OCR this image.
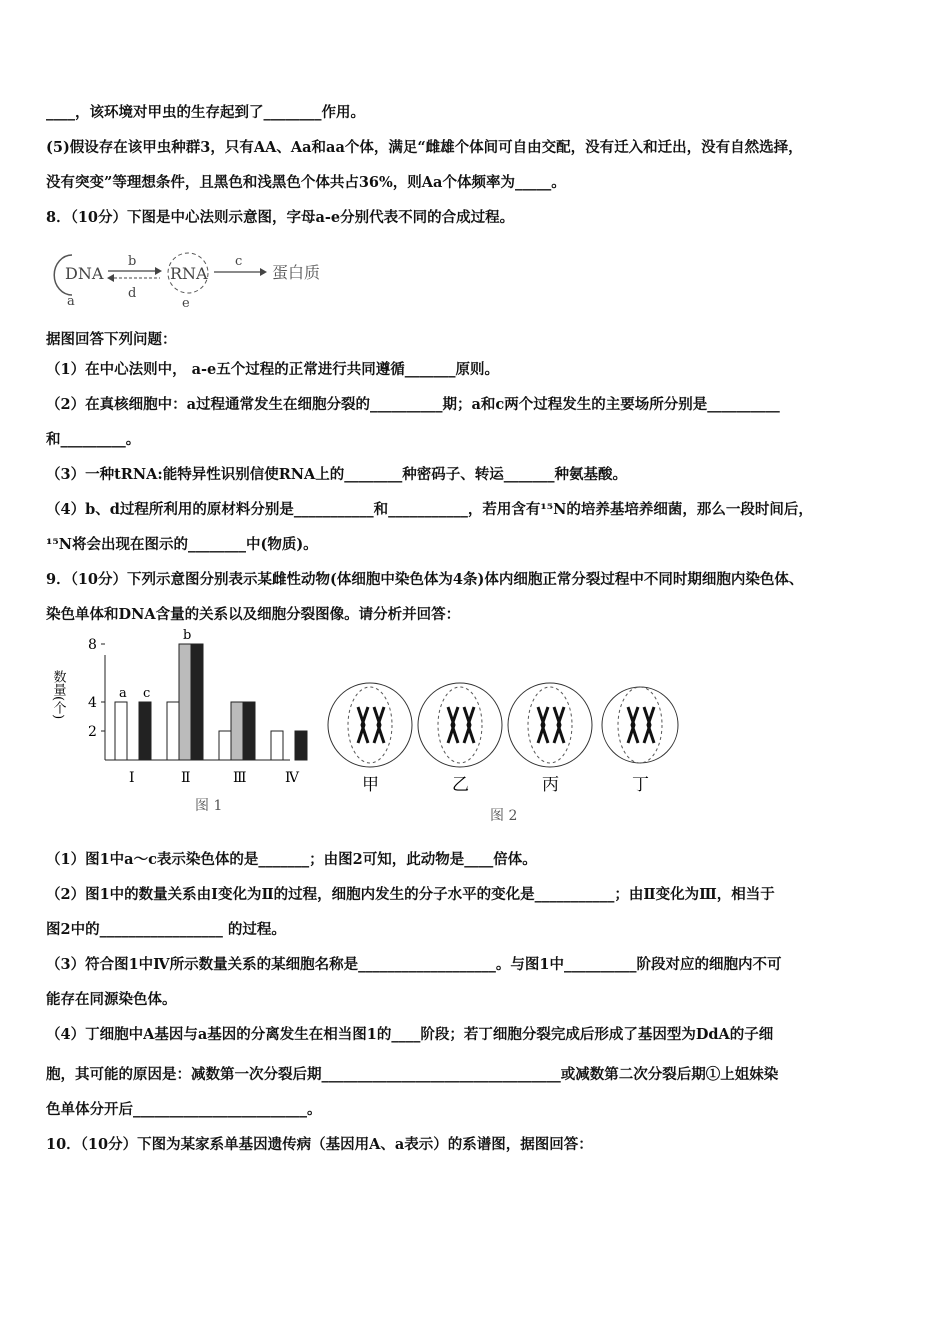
____，该环境对甲虫的生存起到了________作用。
(5)假设存在该甲虫种群3，只有AA、Aa和aa个体，满足“雌雄个体间可自由交配，没有迁入和迁出，没有自然选择，
没有突变”等理想条件，且黑色和浅黑色个体共占36%，则Aa个体频率为_____。
8．（10分）下图是中心法则示意图，字母a-e分别代表不同的合成过程。
据图回答下列问题：
（1）在中心法则中， a-e五个过程的正常进行共同遵循_______原则。
（2）在真核细胞中：a过程通常发生在细胞分裂的__________期；a和c两个过程发生的主要场所分别是__________
和_________。
（3）一种tRNA:能特异性识别信使RNA上的________种密码子、转运_______种氨基酸。
（4）b、d过程所利用的原材料分别是___________和___________，若用含有¹⁵N的培养基培养细菌，那么一段时间后，
¹⁵N将会出现在图示的________中(物质)。
9．（10分）下列示意图分别表示某雌性动物(体细胞中染色体为4条)体内细胞正常分裂过程中不同时期细胞内染色体、
染色单体和DNA含量的关系以及细胞分裂图像。请分析并回答：
（1）图1中a～c表示染色体的是_______；由图2可知，此动物是____倍体。
（2）图1中的数量关系由Ⅰ变化为Ⅱ的过程，细胞内发生的分子水平的变化是___________；由Ⅱ变化为Ⅲ，相当于
图2中的_________________ 的过程。
（3）符合图1中Ⅳ所示数量关系的某细胞名称是___________________。与图1中__________阶段对应的细胞内不可
能存在同源染色体。
（4）丁细胞中A基因与a基因的分离发生在相当图1的____阶段；若丁细胞分裂完成后形成了基因型为DdA的子细
胞，其可能的原因是：减数第一次分裂后期_________________________________或减数第二次分裂后期①上姐妹染
色单体分开后________________________。
10．（10分）下图为某家系单基因遗传病（基因用A、a表示）的系谱图，据图回答：
DNA
a
b
d
RNA
e
c
蛋白质
数量(个)
2
4
8
Ⅰ	Ⅱ	Ⅲ	Ⅳ
a c
b
图 1
甲	乙	丙	丁
图 2
